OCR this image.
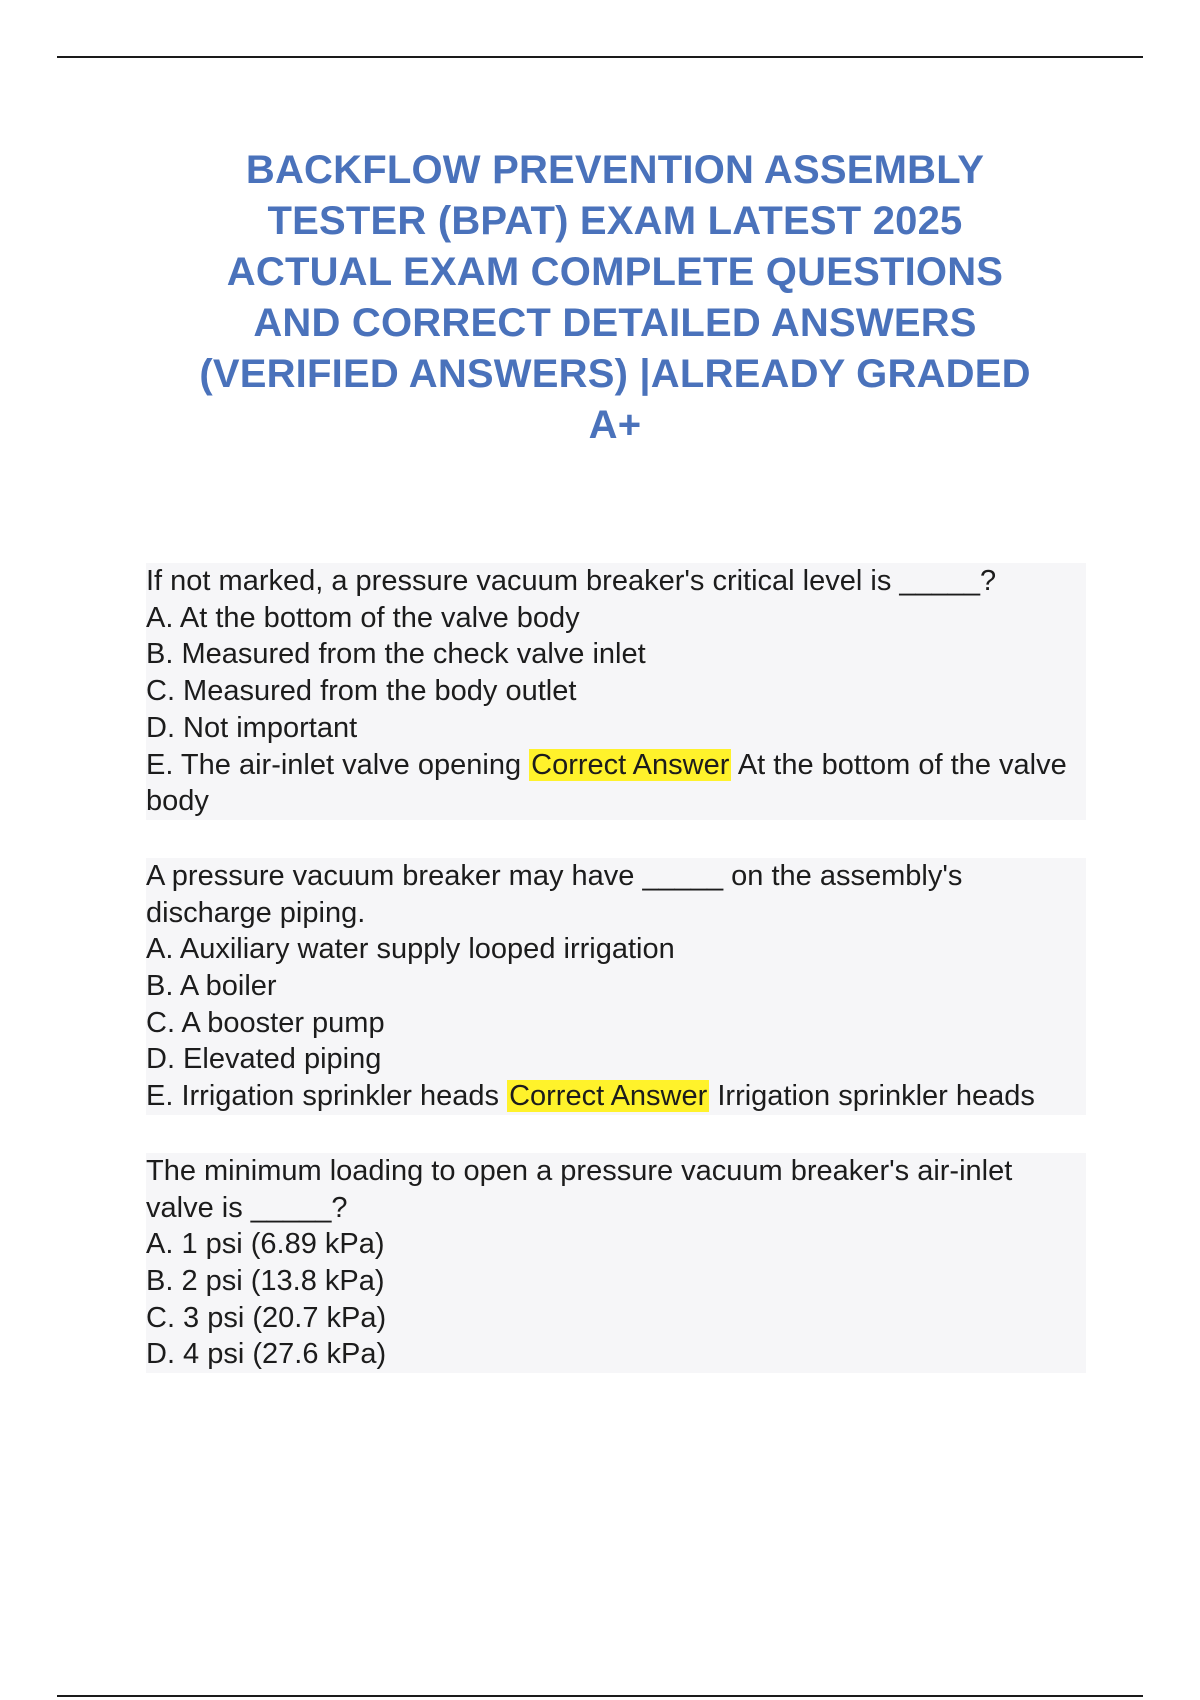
BACKFLOW PREVENTION ASSEMBLY
TESTER (BPAT) EXAM LATEST 2025
ACTUAL EXAM COMPLETE QUESTIONS
AND CORRECT DETAILED ANSWERS
(VERIFIED ANSWERS) |ALREADY GRADED
A+
If not marked, a pressure vacuum breaker's critical level is _____?
A. At the bottom of the valve body
B. Measured from the check valve inlet
C. Measured from the body outlet
D. Not important
E. The air-inlet valve opening Correct Answer At the bottom of the valve body
A pressure vacuum breaker may have _____ on the assembly's discharge piping.
A. Auxiliary water supply looped irrigation
B. A boiler
C. A booster pump
D. Elevated piping
E. Irrigation sprinkler heads Correct Answer Irrigation sprinkler heads
The minimum loading to open a pressure vacuum breaker's air-inlet valve is _____?
A. 1 psi (6.89 kPa)
B. 2 psi (13.8 kPa)
C. 3 psi (20.7 kPa)
D. 4 psi (27.6 kPa)
